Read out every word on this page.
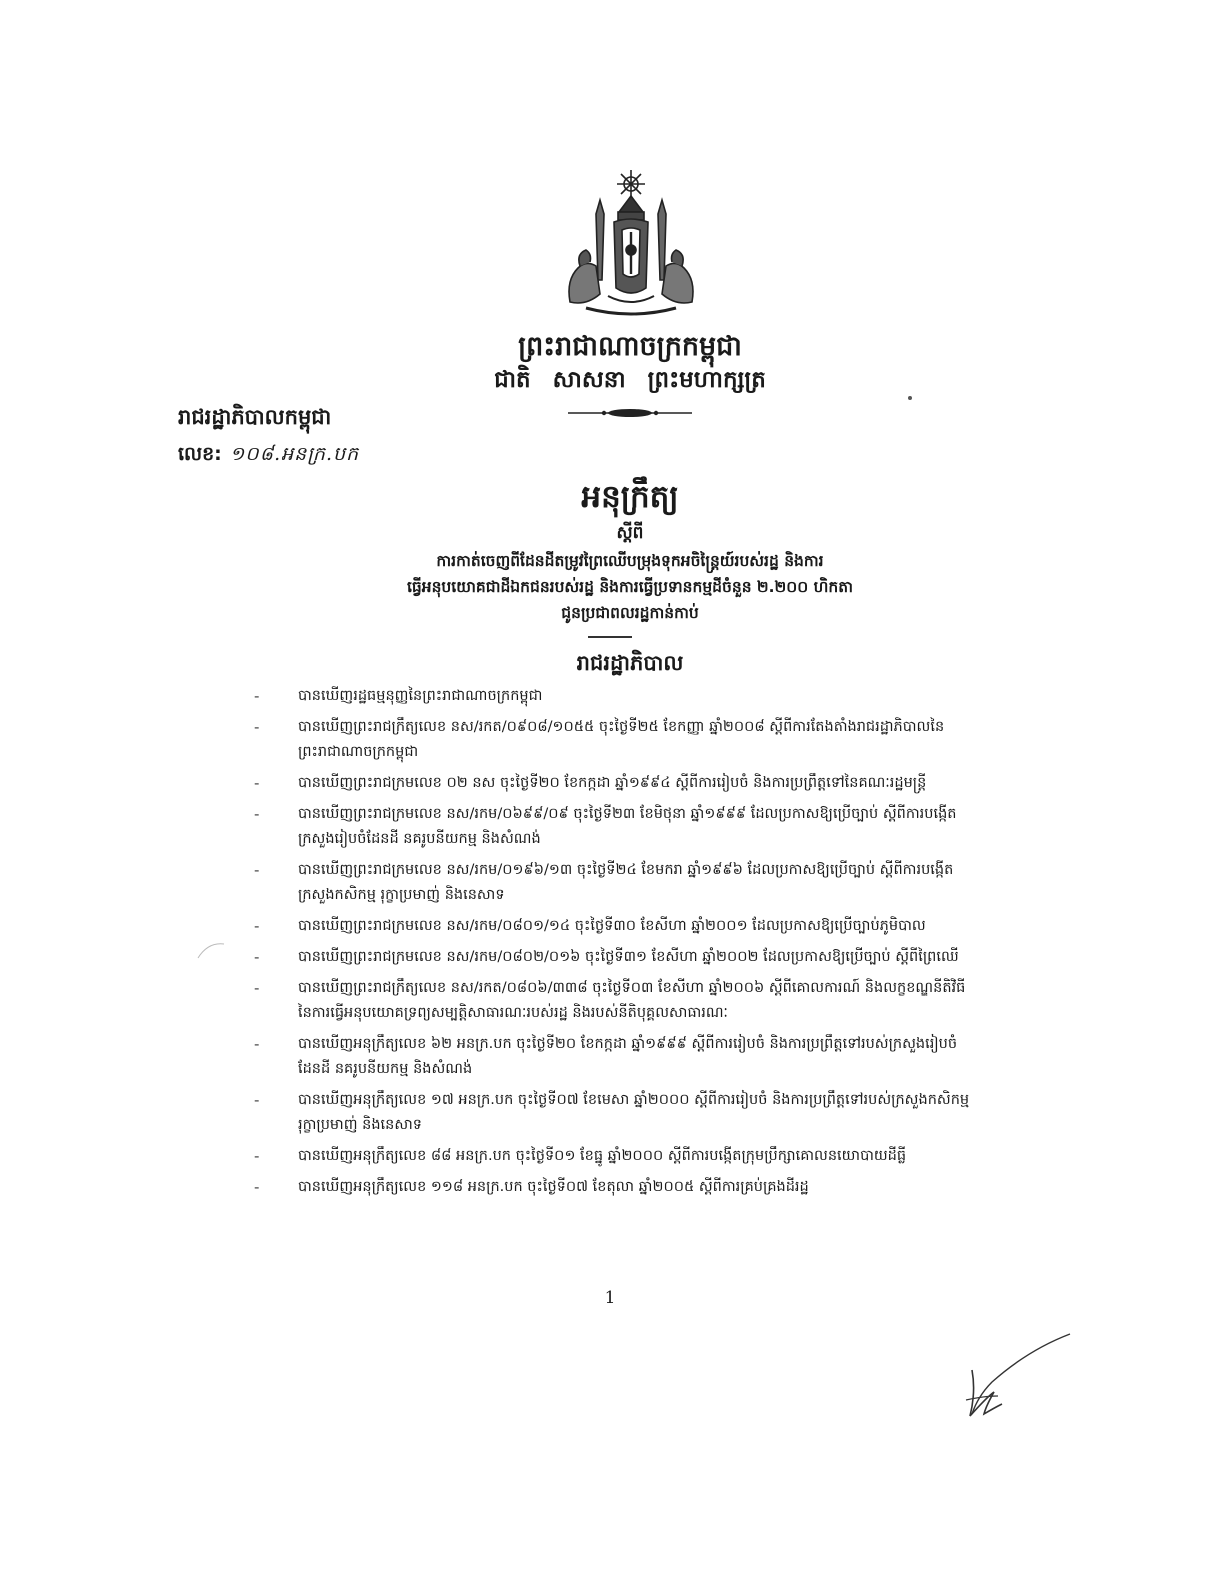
ព្រះរាជាណាចក្រកម្ពុជា
ជាតិ សាសនា ព្រះមហាក្សត្រ
រាជរដ្ឋាភិបាលកម្ពុជា
លេខ: ១០៨.អនក្រ.បក
អនុក្រឹត្យ
ស្តីពី
ការកាត់ចេញពីដែនដីតម្រូវព្រៃឈើបម្រុងទុកអចិន្ត្រៃយ៍របស់រដ្ឋ និងការ
ធ្វើអនុបយោគជាដីឯកជនរបស់រដ្ឋ និងការធ្វើប្រទានកម្មដីចំនួន ២.២០០ ហិកតា
ជូនប្រជាពលរដ្ឋកាន់កាប់
រាជរដ្ឋាភិបាល
-	បានឃើញរដ្ឋធម្មនុញ្ញនៃព្រះរាជាណាចក្រកម្ពុជា
-	បានឃើញព្រះរាជក្រឹត្យលេខ នស/រកត/០៩០៨/១០៥៥ ចុះថ្ងៃទី២៥ ខែកញ្ញា ឆ្នាំ២០០៨ ស្តីពីការតែងតាំងរាជរដ្ឋាភិបាលនៃព្រះរាជាណាចក្រកម្ពុជា
-	បានឃើញព្រះរាជក្រមលេខ ០២ នស ចុះថ្ងៃទី២០ ខែកក្កដា ឆ្នាំ១៩៩៤ ស្តីពីការរៀបចំ និងការប្រព្រឹត្តទៅនៃគណៈរដ្ឋមន្ត្រី
-	បានឃើញព្រះរាជក្រមលេខ នស/រកម/០៦៩៩/០៩ ចុះថ្ងៃទី២៣ ខែមិថុនា ឆ្នាំ១៩៩៩ ដែលប្រកាសឱ្យប្រើច្បាប់ ស្តីពីការបង្កើតក្រសួងរៀបចំដែនដី នគរូបនីយកម្ម និងសំណង់
-	បានឃើញព្រះរាជក្រមលេខ នស/រកម/០១៩៦/១៣ ចុះថ្ងៃទី២៤ ខែមករា ឆ្នាំ១៩៩៦ ដែលប្រកាសឱ្យប្រើច្បាប់ ស្តីពីការបង្កើតក្រសួងកសិកម្ម រុក្ខាប្រមាញ់ និងនេសាទ
-	បានឃើញព្រះរាជក្រមលេខ នស/រកម/០៨០១/១៤ ចុះថ្ងៃទី៣០ ខែសីហា ឆ្នាំ២០០១ ដែលប្រកាសឱ្យប្រើច្បាប់ភូមិបាល
-	បានឃើញព្រះរាជក្រមលេខ នស/រកម/០៨០២/០១៦ ចុះថ្ងៃទី៣១ ខែសីហា ឆ្នាំ២០០២ ដែលប្រកាសឱ្យប្រើច្បាប់ ស្តីពីព្រៃឈើ
-	បានឃើញព្រះរាជក្រឹត្យលេខ នស/រកត/០៨០៦/៣៣៨ ចុះថ្ងៃទី០៣ ខែសីហា ឆ្នាំ២០០៦ ស្តីពីគោលការណ៍ និងលក្ខខណ្ឌនីតិវិធីនៃការធ្វើអនុបយោគទ្រព្យសម្បត្តិសាធារណៈរបស់រដ្ឋ និងរបស់នីតិបុគ្គលសាធារណៈ
-	បានឃើញអនុក្រឹត្យលេខ ៦២ អនក្រ.បក ចុះថ្ងៃទី២០ ខែកក្កដា ឆ្នាំ១៩៩៩ ស្តីពីការរៀបចំ និងការប្រព្រឹត្តទៅរបស់ក្រសួងរៀបចំដែនដី នគរូបនីយកម្ម និងសំណង់
-	បានឃើញអនុក្រឹត្យលេខ ១៧ អនក្រ.បក ចុះថ្ងៃទី០៧ ខែមេសា ឆ្នាំ២០០០ ស្តីពីការរៀបចំ និងការប្រព្រឹត្តទៅរបស់ក្រសួងកសិកម្ម រុក្ខាប្រមាញ់ និងនេសាទ
-	បានឃើញអនុក្រឹត្យលេខ ៨៨ អនក្រ.បក ចុះថ្ងៃទី០១ ខែធ្នូ ឆ្នាំ២០០០ ស្តីពីការបង្កើតក្រុមប្រឹក្សាគោលនយោបាយដីធ្លី
-	បានឃើញអនុក្រឹត្យលេខ ១១៨ អនក្រ.បក ចុះថ្ងៃទី០៧ ខែតុលា ឆ្នាំ២០០៥ ស្តីពីការគ្រប់គ្រងដីរដ្ឋ
1
